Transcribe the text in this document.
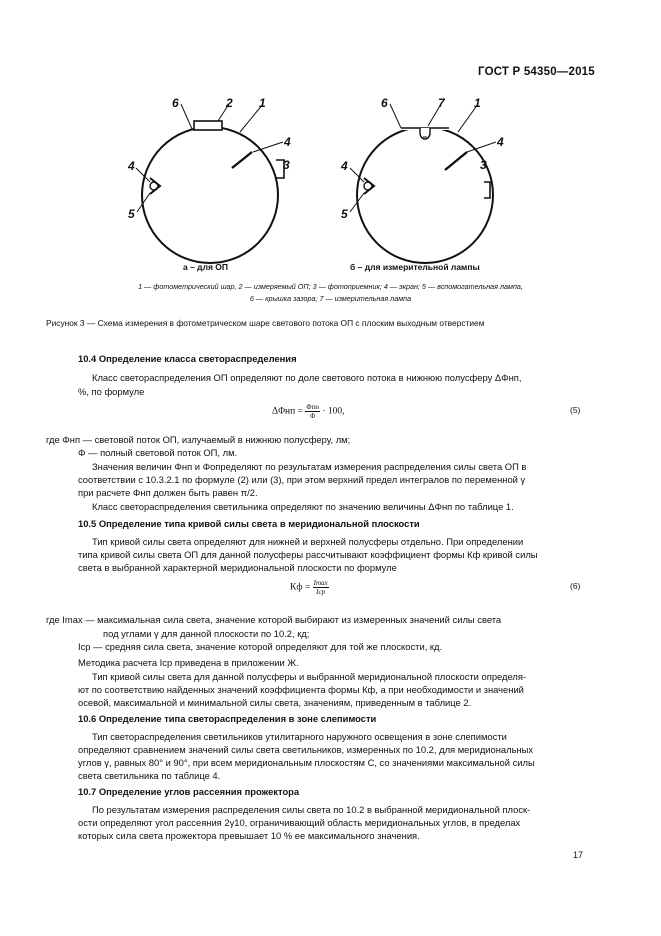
ГОСТ Р 54350—2015
6	2 1
4
3
4
5
6	7 1
4
3
4
5
а – для ОП	б – для измерительной лампы
1 — фотометрический шар, 2 — измеряемый ОП; 3 — фотоприемник; 4 — экран; 5 — вспомогательная лампа,
6 — крышка зазора; 7 — измерительная лампа
Рисунок 3 — Схема измерения в фотометрическом шаре светового потока ОП с плоским выходным отверстием
10.4 Определение класса светораспределения
Класс светораспределения ОП определяют по доле светового потока в нижнюю полусферу ΔΦнп,
%, по формуле
$\Delta\Phi нп = \frac{\text{Φпн}}{\Phi} \cdot 100$,	(5)
где Φнп — световой поток ОП, излучаемый в нижнюю полусферу, лм;
Φ — полный световой поток ОП, лм.
Значения величин Φнп и Φопределяют по результатам измерения распределения силы света ОП в
соответствии с 10.3.2.1 по формуле (2) или (3), при этом верхний предел интегралов по переменной γ
при расчете Φнп должен быть равен π/2.
Класс светораспределения светильника определяют по значению величины ΔΦнп по таблице 1.
10.5 Определение типа кривой силы света в меридиональной плоскости
Тип кривой силы света определяют для нижней и верхней полусферы отдельно. При определении
типа кривой силы света ОП для данной полусферы рассчитывают коэффициент формы Кф кривой силы
света в выбранной характерной меридиональной плоскости по формуле
Кф = $\frac{Imax}{\text{Iср}}$	(6)
где Imax — максимальная сила света, значение которой выбирают из измеренных значений силы света
под углами γ для данной плоскости по 10.2, кд;
Iср — средняя сила света, значение которой определяют для той же плоскости, кд.
Методика расчета Iср приведена в приложении Ж.
Тип кривой силы света для данной полусферы и выбранной меридиональной плоскости определя-
ют по соответствию найденных значений коэффициента формы Кф, а при необходимости и значений
осевой, максимальной и минимальной силы света, значениям, приведенным в таблице 2.
10.6 Определение типа светораспределения в зоне слепимости
Тип светораспределения светильников утилитарного наружного освещения в зоне слепимости
определяют сравнением значений силы света светильников, измеренных по 10.2, для меридиональных
углов γ, равных 80° и 90°, при всем меридиональным плоскостям С, со значениями максимальной силы
света светильника по таблице 4.
10.7 Определение углов рассеяния прожектора
По результатам измерения распределения силы света по 10.2 в выбранной меридиональной плоск-
ости определяют угол рассеяния 2γ10, ограничивающий область меридиональных углов, в пределах
которых сила света прожектора превышает 10 % ее максимального значения.
17
